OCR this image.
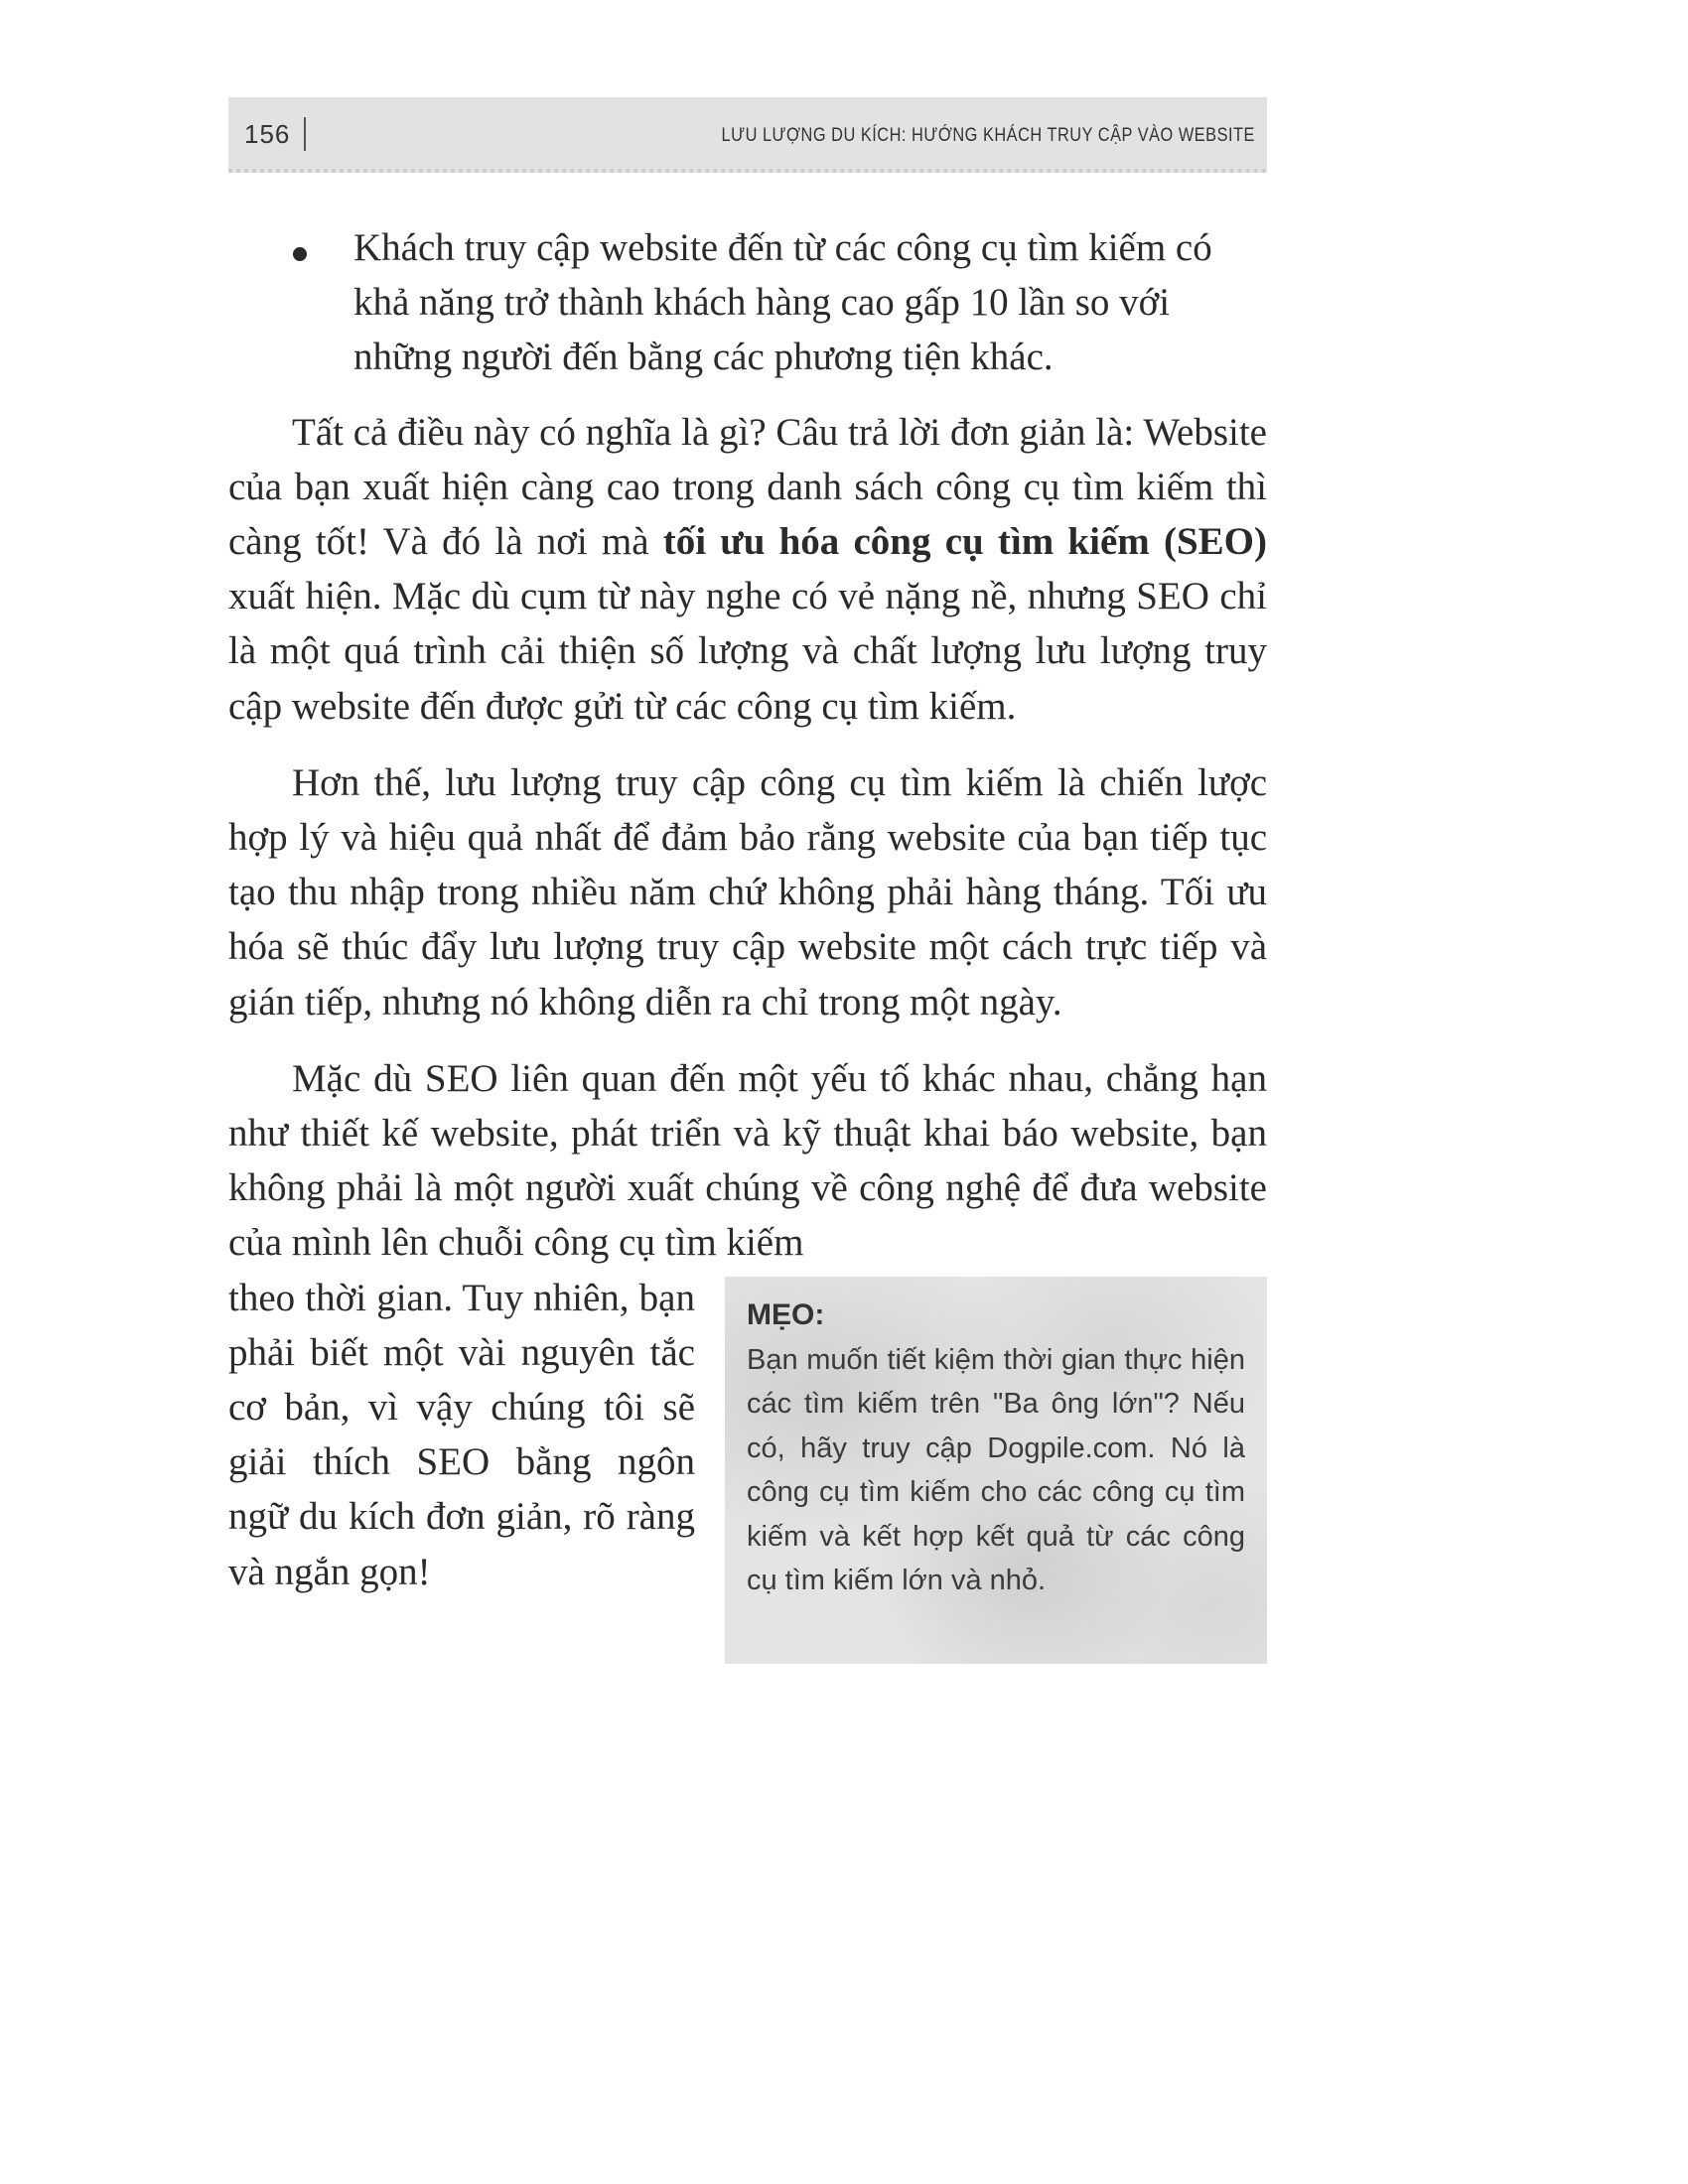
156	LƯU LƯỢNG DU KÍCH: HƯỚNG KHÁCH TRUY CẬP VÀO WEBSITE
Khách truy cập website đến từ các công cụ tìm kiếm có khả năng trở thành khách hàng cao gấp 10 lần so với những người đến bằng các phương tiện khác.

Tất cả điều này có nghĩa là gì? Câu trả lời đơn giản là: Website của bạn xuất hiện càng cao trong danh sách công cụ tìm kiếm thì càng tốt! Và đó là nơi mà tối ưu hóa công cụ tìm kiếm (SEO) xuất hiện. Mặc dù cụm từ này nghe có vẻ nặng nề, nhưng SEO chỉ là một quá trình cải thiện số lượng và chất lượng lưu lượng truy cập website đến được gửi từ các công cụ tìm kiếm.

Hơn thế, lưu lượng truy cập công cụ tìm kiếm là chiến lược hợp lý và hiệu quả nhất để đảm bảo rằng website của bạn tiếp tục tạo thu nhập trong nhiều năm chứ không phải hàng tháng. Tối ưu hóa sẽ thúc đẩy lưu lượng truy cập website một cách trực tiếp và gián tiếp, nhưng nó không diễn ra chỉ trong một ngày.

Mặc dù SEO liên quan đến một yếu tố khác nhau, chẳng hạn như thiết kế website, phát triển và kỹ thuật khai báo website, bạn không phải là một người xuất chúng về công nghệ để đưa website của mình lên chuỗi công cụ tìm kiếm

theo thời gian. Tuy nhiên, bạn phải biết một vài nguyên tắc cơ bản, vì vậy chúng tôi sẽ giải thích SEO bằng ngôn ngữ du kích đơn giản, rõ ràng và ngắn gọn!
MẸO:
Bạn muốn tiết kiệm thời gian thực hiện các tìm kiếm trên "Ba ông lớn"? Nếu có, hãy truy cập Dogpile.com. Nó là công cụ tìm kiếm cho các công cụ tìm kiếm và kết hợp kết quả từ các công cụ tìm kiếm lớn và nhỏ.
